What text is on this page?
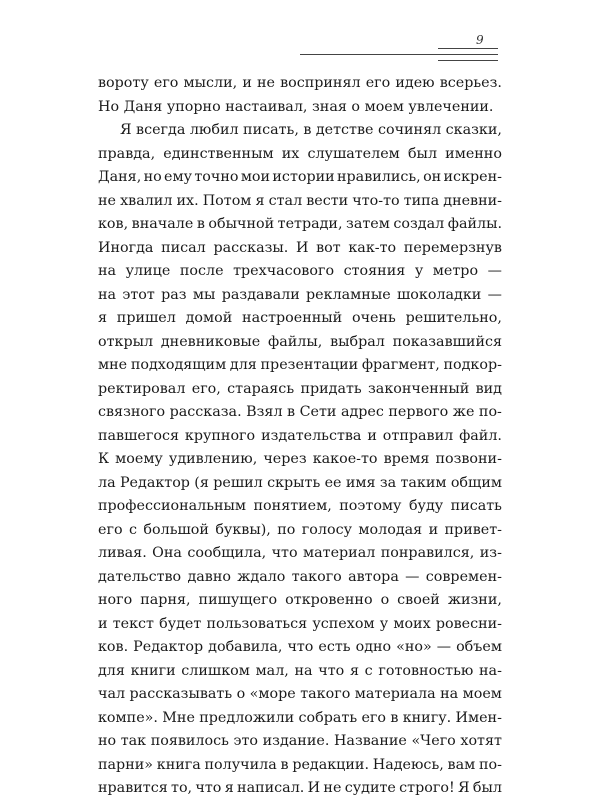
9
вороту его мысли, и не воспринял его идею всерьез.
Но Даня упорно настаивал, зная о моем увлечении.
Я всегда любил писать, в детстве сочинял сказки,
правда, единственным их слушателем был именно
Даня, но ему точно мои истории нравились, он искрен-
не хвалил их. Потом я стал вести что-то типа дневни-
ков, вначале в обычной тетради, затем создал файлы.
Иногда писал рассказы. И вот как-то перемерзнув
на улице после трехчасового стояния у метро —
на этот раз мы раздавали рекламные шоколадки —
я пришел домой настроенный очень решительно,
открыл дневниковые файлы, выбрал показавшийся
мне подходящим для презентации фрагмент, подкор-
ректировал его, стараясь придать законченный вид
связного рассказа. Взял в Сети адрес первого же по-
павшегося крупного издательства и отправил файл.
К моему удивлению, через какое-то время позвони-
ла Редактор (я решил скрыть ее имя за таким общим
профессиональным понятием, поэтому буду писать
его с большой буквы), по голосу молодая и привет-
ливая. Она сообщила, что материал понравился, из-
дательство давно ждало такого автора — современ-
ного парня, пишущего откровенно о своей жизни,
и текст будет пользоваться успехом у моих ровесни-
ков. Редактор добавила, что есть одно «но» — объем
для книги слишком мал, на что я с готовностью на-
чал рассказывать о «море такого материала на моем
компе». Мне предложили собрать его в книгу. Имен-
но так появилось это издание. Название «Чего хотят
парни» книга получила в редакции. Надеюсь, вам по-
нравится то, что я написал. И не судите строго! Я был
